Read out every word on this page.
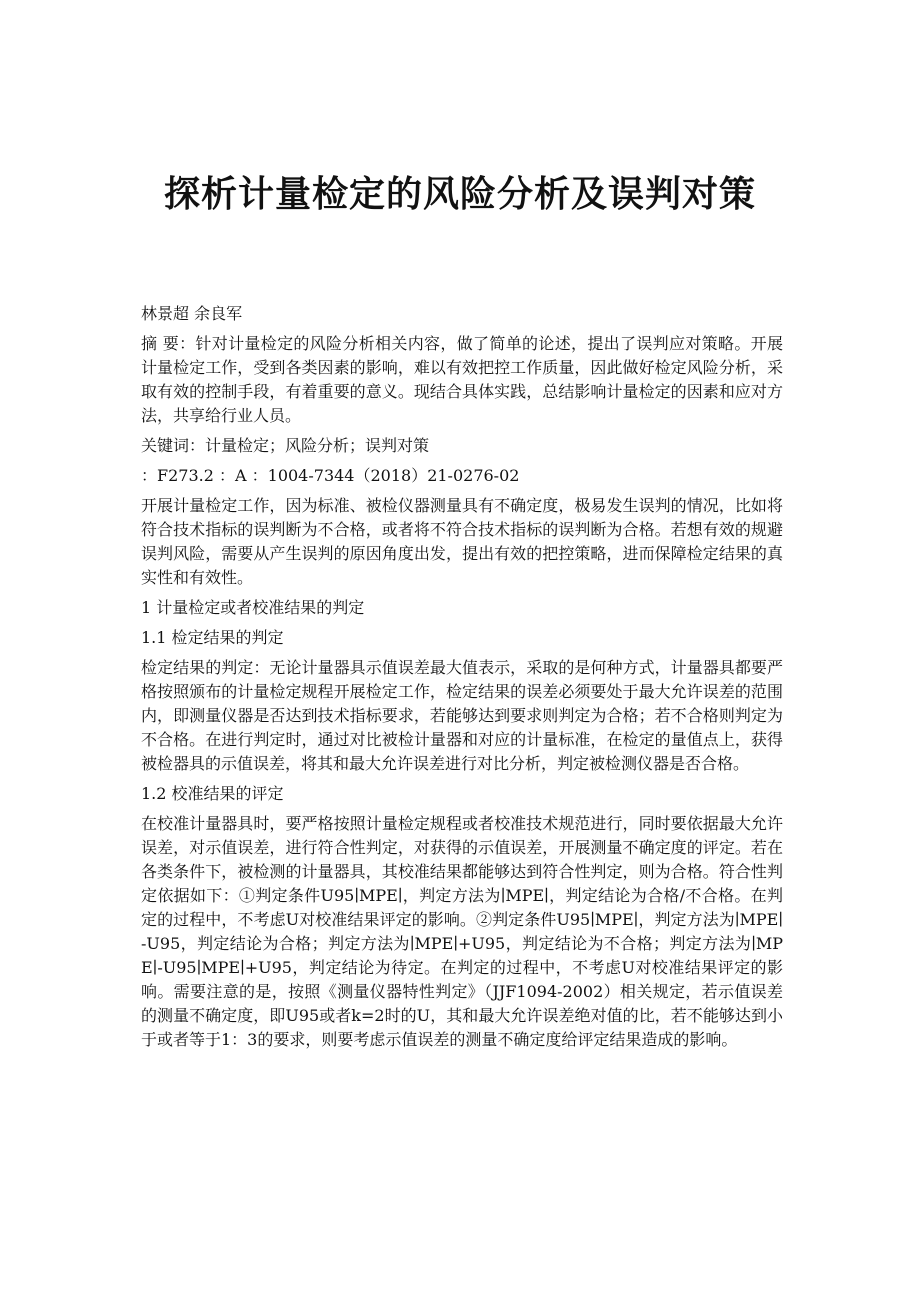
探析计量检定的风险分析及误判对策

林景超 余良军

摘 要：针对计量检定的风险分析相关内容，做了简单的论述，提出了误判应对策略。开展计量检定工作，受到各类因素的影响，难以有效把控工作质量，因此做好检定风险分析，采取有效的控制手段，有着重要的意义。现结合具体实践，总结影响计量检定的因素和应对方法，共享给行业人员。

关键词：计量检定；风险分析；误判对策

：F273.2 ：A ：1004-7344（2018）21-0276-02

开展计量检定工作，因为标准、被检仪器测量具有不确定度，极易发生误判的情况，比如将符合技术指标的误判断为不合格，或者将不符合技术指标的误判断为合格。若想有效的规避误判风险，需要从产生误判的原因角度出发，提出有效的把控策略，进而保障检定结果的真实性和有效性。

1 计量检定或者校准结果的判定

1.1 检定结果的判定

检定结果的判定：无论计量器具示值误差最大值表示，采取的是何种方式，计量器具都要严格按照颁布的计量检定规程开展检定工作，检定结果的误差必须要处于最大允许误差的范围内，即测量仪器是否达到技术指标要求，若能够达到要求则判定为合格；若不合格则判定为不合格。在进行判定时，通过对比被检计量器和对应的计量标准，在检定的量值点上，获得被检器具的示值误差，将其和最大允许误差进行对比分析，判定被检测仪器是否合格。

1.2 校准结果的评定

在校准计量器具时，要严格按照计量检定规程或者校准技术规范进行，同时要依据最大允许误差，对示值误差，进行符合性判定，对获得的示值误差，开展测量不确定度的评定。若在各类条件下，被检测的计量器具，其校准结果都能够达到符合性判定，则为合格。符合性判定依据如下：①判定条件U95∣MPE∣，判定方法为∣MPE∣，判定结论为合格/不合格。在判定的过程中，不考虑U对校准结果评定的影响。②判定条件U95∣MPE∣，判定方法为∣MPE∣-U95，判定结论为合格；判定方法为∣MPE∣+U95，判定结论为不合格；判定方法为∣MPE∣-U95∣MPE∣+U95，判定结论为待定。在判定的过程中，不考虑U对校准结果评定的影响。需要注意的是，按照《测量仪器特性判定》（JJF1094-2002）相关规定，若示值误差的测量不确定度，即U95或者k=2时的U，其和最大允许误差绝对值的比，若不能够达到小于或者等于1：3的要求，则要考虑示值误差的测量不确定度给评定结果造成的影响。
